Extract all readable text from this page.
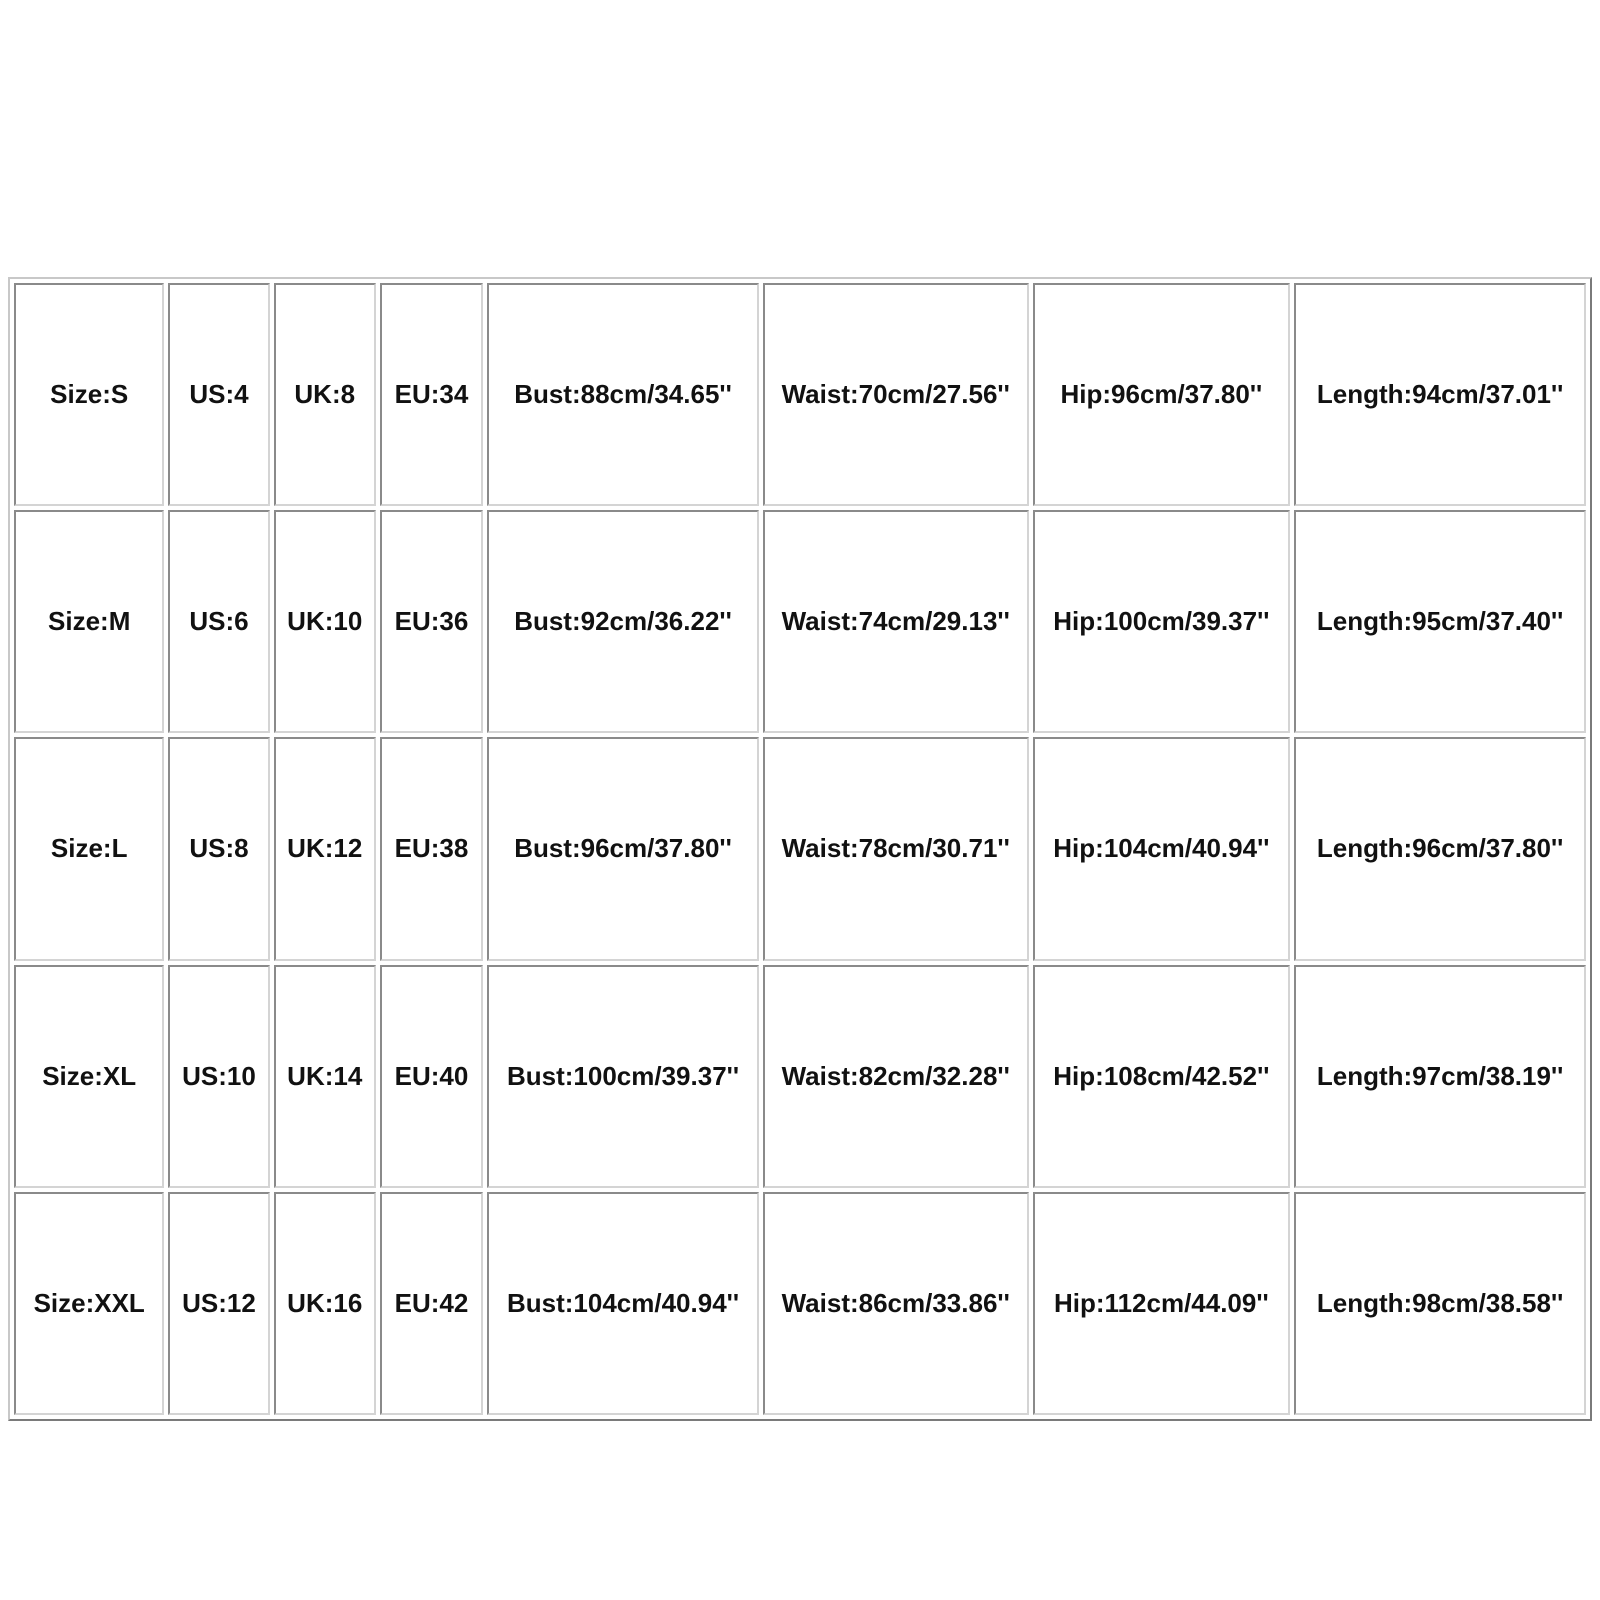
Size:S	US:4	UK:8	EU:34	Bust:88cm/34.65''	Waist:70cm/27.56''	Hip:96cm/37.80''	Length:94cm/37.01''
Size:M	US:6	UK:10	EU:36	Bust:92cm/36.22''	Waist:74cm/29.13''	Hip:100cm/39.37''	Length:95cm/37.40''
Size:L	US:8	UK:12	EU:38	Bust:96cm/37.80''	Waist:78cm/30.71''	Hip:104cm/40.94''	Length:96cm/37.80''
Size:XL	US:10	UK:14	EU:40	Bust:100cm/39.37''	Waist:82cm/32.28''	Hip:108cm/42.52''	Length:97cm/38.19''
Size:XXL	US:12	UK:16	EU:42	Bust:104cm/40.94''	Waist:86cm/33.86''	Hip:112cm/44.09''	Length:98cm/38.58''
